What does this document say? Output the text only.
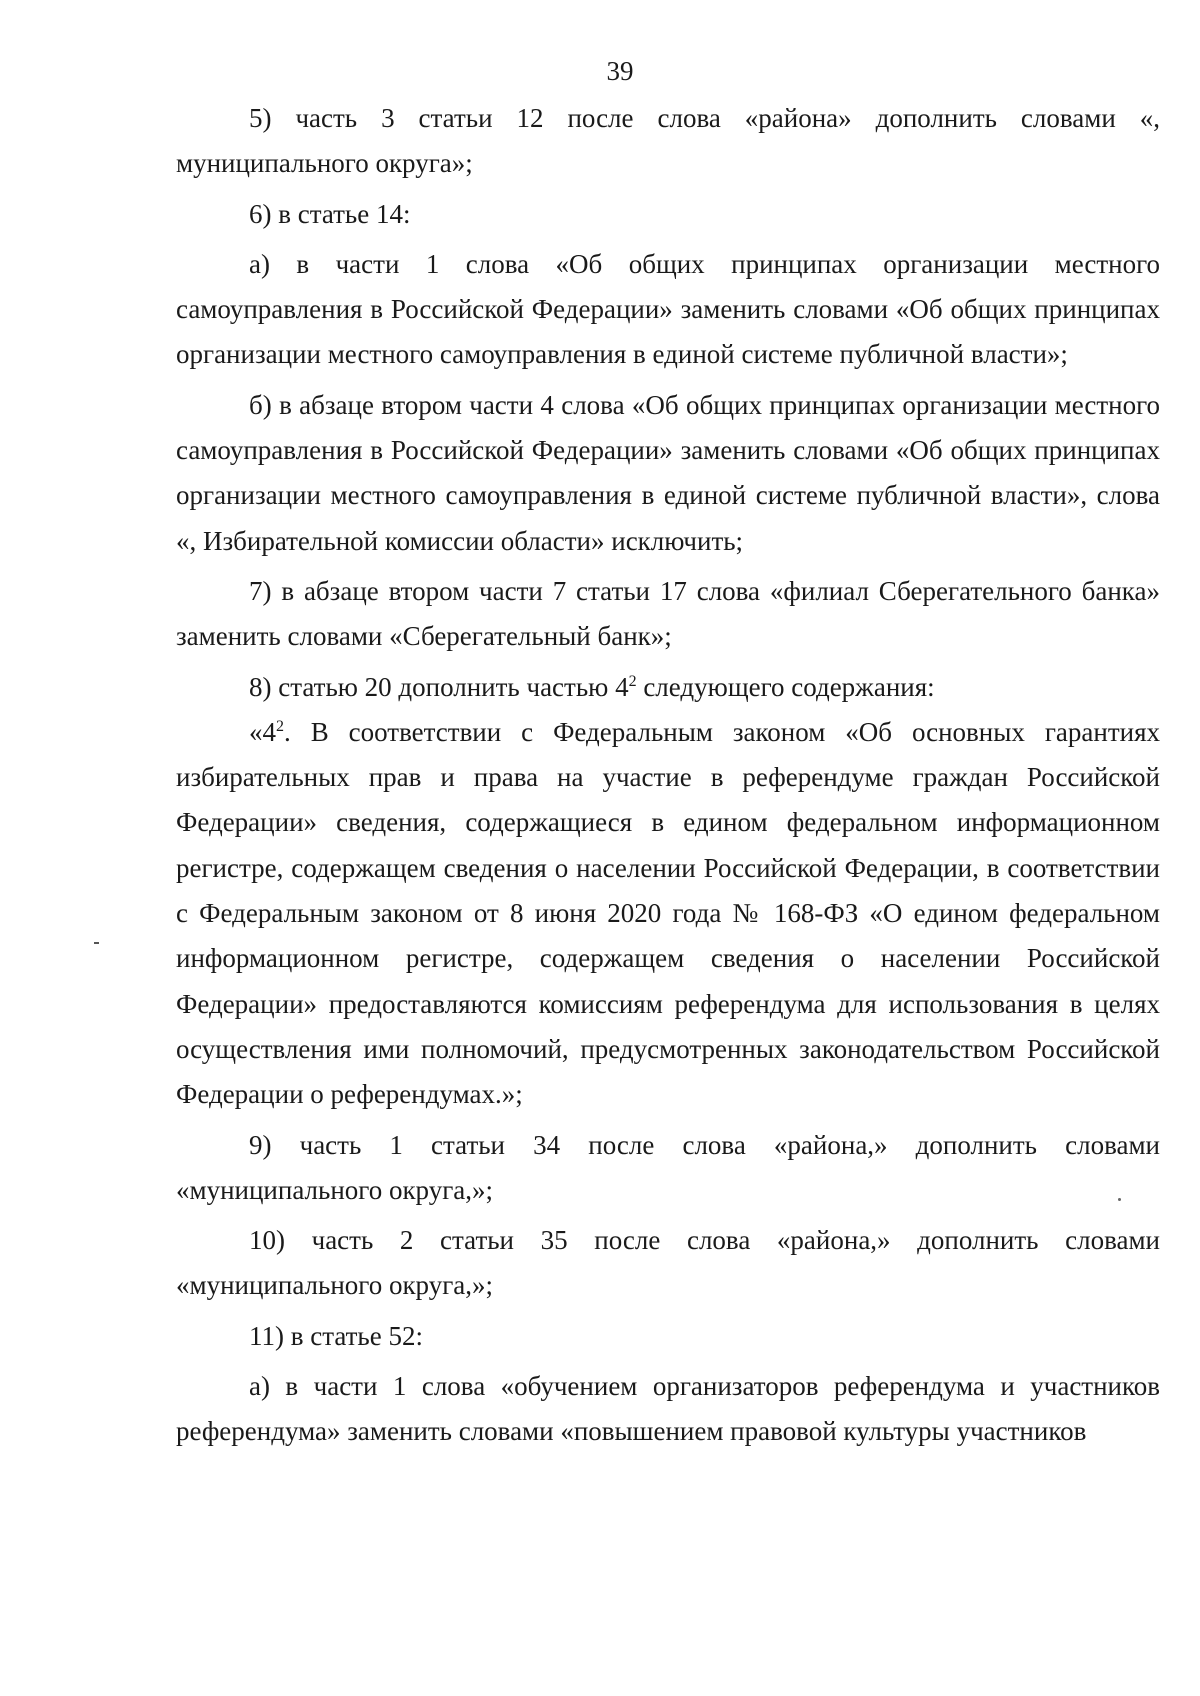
39

5) часть 3 статьи 12 после слова «района» дополнить словами «, муниципального округа»;

6) в статье 14:

а) в части 1 слова «Об общих принципах организации местного самоуправления в Российской Федерации» заменить словами «Об общих принципах организации местного самоуправления в единой системе публичной власти»;

б) в абзаце втором части 4 слова «Об общих принципах организации местного самоуправления в Российской Федерации» заменить словами «Об общих принципах организации местного самоуправления в единой системе публичной власти», слова «, Избирательной комиссии области» исключить;

7) в абзаце втором части 7 статьи 17 слова «филиал Сберегательного банка» заменить словами «Сберегательный банк»;

8) статью 20 дополнить частью $4^2$ следующего содержания:

«$4^2$. В соответствии с Федеральным законом «Об основных гарантиях избирательных прав и права на участие в референдуме граждан Российской Федерации» сведения, содержащиеся в едином федеральном информационном регистре, содержащем сведения о населении Российской Федерации, в соответствии с Федеральным законом от 8 июня 2020 года № 168-ФЗ «О едином федеральном информационном регистре, содержащем сведения о населении Российской Федерации» предоставляются комиссиям референдума для использования в целях осуществления ими полномочий, предусмотренных законодательством Российской Федерации о референдумах.»;

9) часть 1 статьи 34 после слова «района,» дополнить словами «муниципального округа,»;

10) часть 2 статьи 35 после слова «района,» дополнить словами «муниципального округа,»;

11) в статье 52:

а) в части 1 слова «обучением организаторов референдума и участников референдума» заменить словами «повышением правовой культуры участников
